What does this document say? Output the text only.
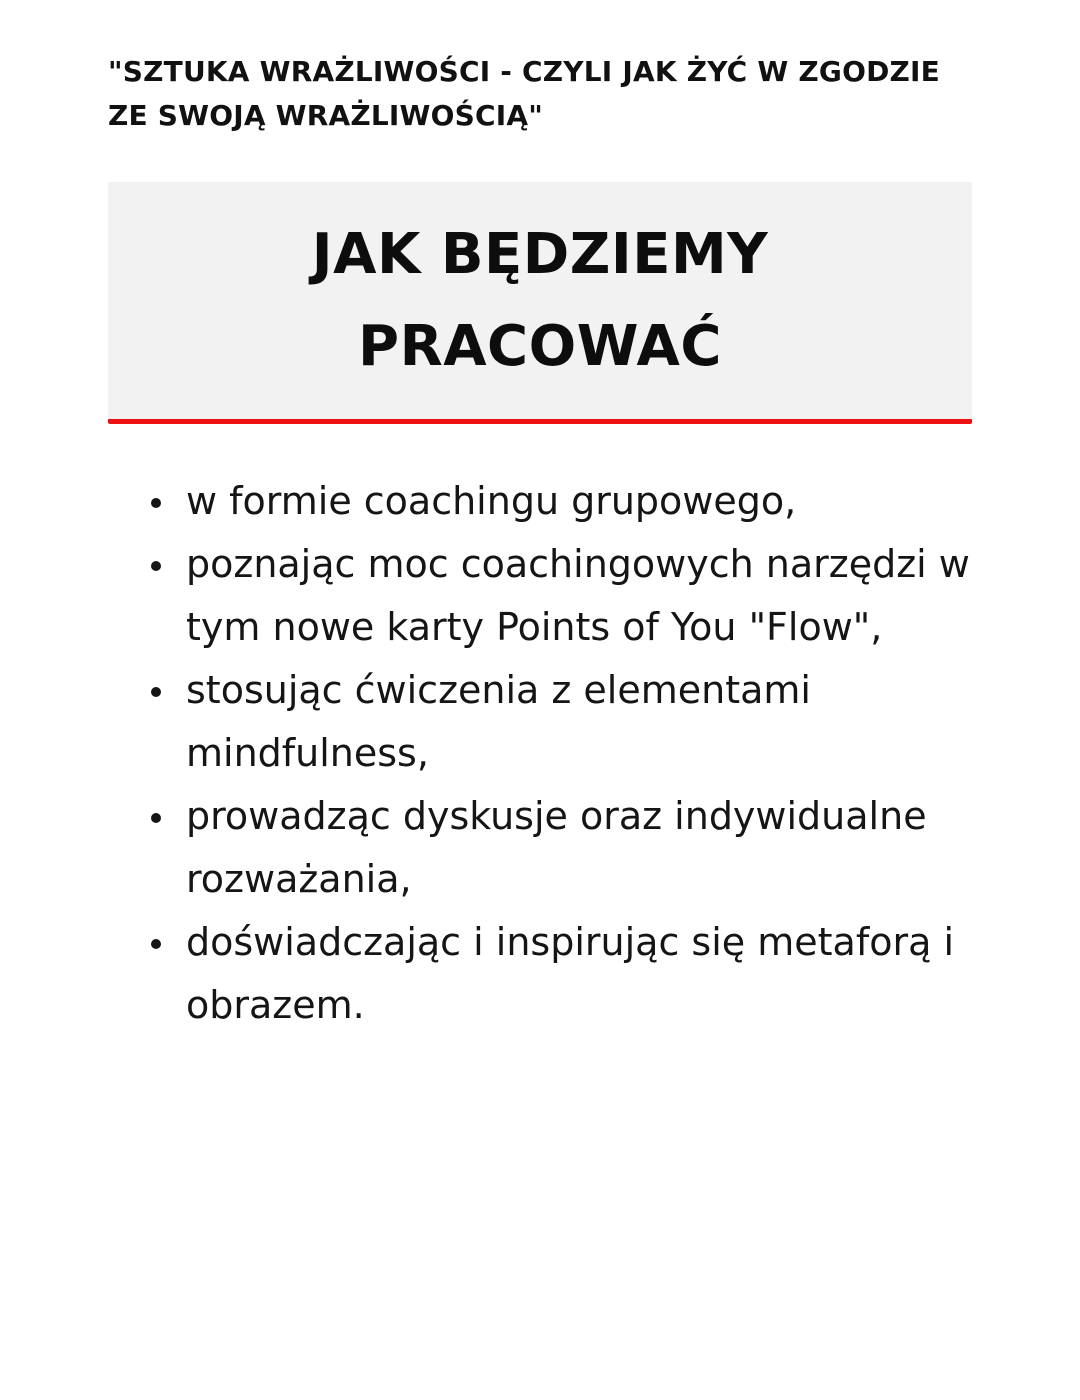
"SZTUKA WRAŻLIWOŚCI - CZYLI JAK ŻYĆ W ZGODZIE ZE SWOJĄ WRAŻLIWOŚCIĄ"

JAK BĘDZIEMY PRACOWAĆ
w formie coachingu grupowego,
poznając moc coachingowych narzędzi w tym nowe karty Points of You "Flow",
stosując ćwiczenia z elementami mindfulness,
prowadząc dyskusje oraz indywidualne rozważania,
doświadczając i inspirując się metaforą i obrazem.
